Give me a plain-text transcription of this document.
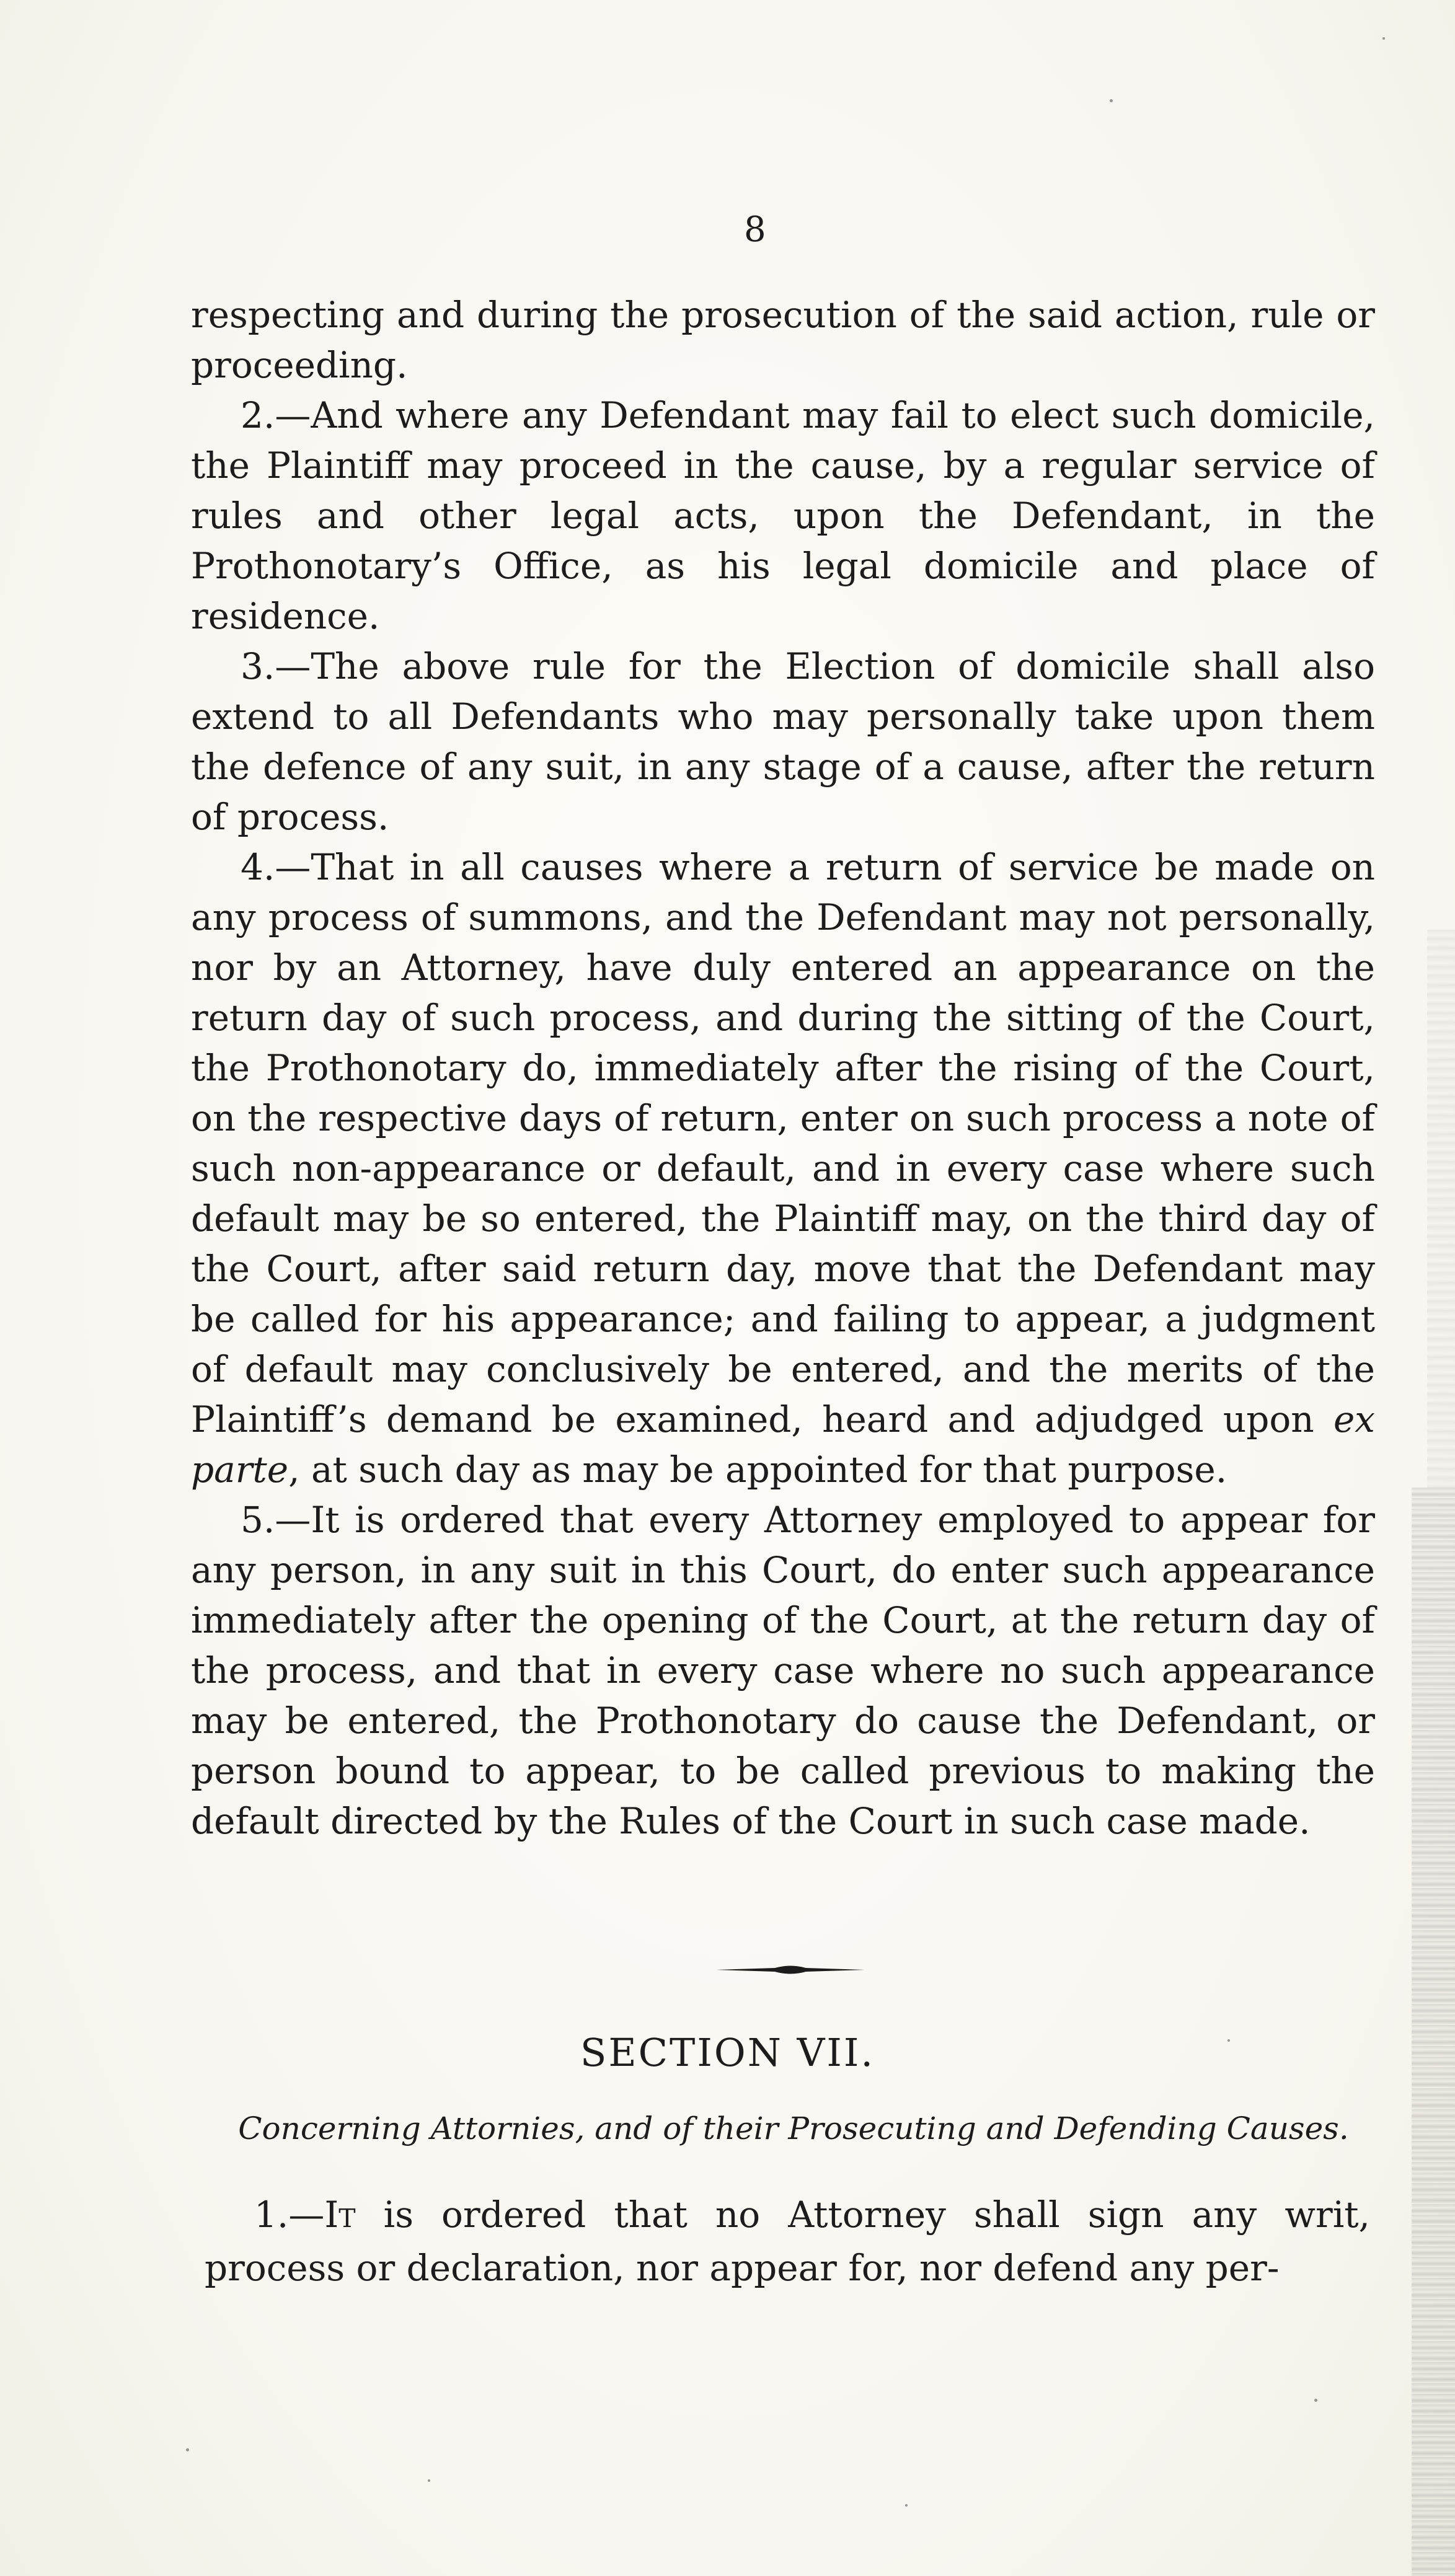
8

respecting and during the prosecution of the said action, rule or proceeding.

2.—And where any Defendant may fail to elect such domicile, the Plaintiff may proceed in the cause, by a regular service of rules and other legal acts, upon the Defendant, in the Prothonotary’s Office, as his legal domicile and place of residence.

3.—The above rule for the Election of domicile shall also extend to all Defendants who may personally take upon them the defence of any suit, in any stage of a cause, after the return of process.

4.—That in all causes where a return of service be made on any process of summons, and the Defendant may not personally, nor by an Attorney, have duly entered an appearance on the return day of such process, and during the sitting of the Court, the Prothonotary do, immediately after the rising of the Court, on the respective days of return, enter on such process a note of such non-appearance or default, and in every case where such default may be so entered, the Plaintiff may, on the third day of the Court, after said return day, move that the Defendant may be called for his appearance; and failing to appear, a judgment of default may conclusively be entered, and the merits of the Plaintiff’s demand be examined, heard and adjudged upon ex parte, at such day as may be appointed for that purpose.

5.—It is ordered that every Attorney employed to appear for any person, in any suit in this Court, do enter such appearance immediately after the opening of the Court, at the return day of the process, and that in every case where no such appearance may be entered, the Prothonotary do cause the Defendant, or person bound to appear, to be called previous to making the default directed by the Rules of the Court in such case made.

SECTION VII.
Concerning Attornies, and of their Prosecuting and Defending Causes.

1.—It is ordered that no Attorney shall sign any writ, process or declaration, nor appear for, nor defend any per-
